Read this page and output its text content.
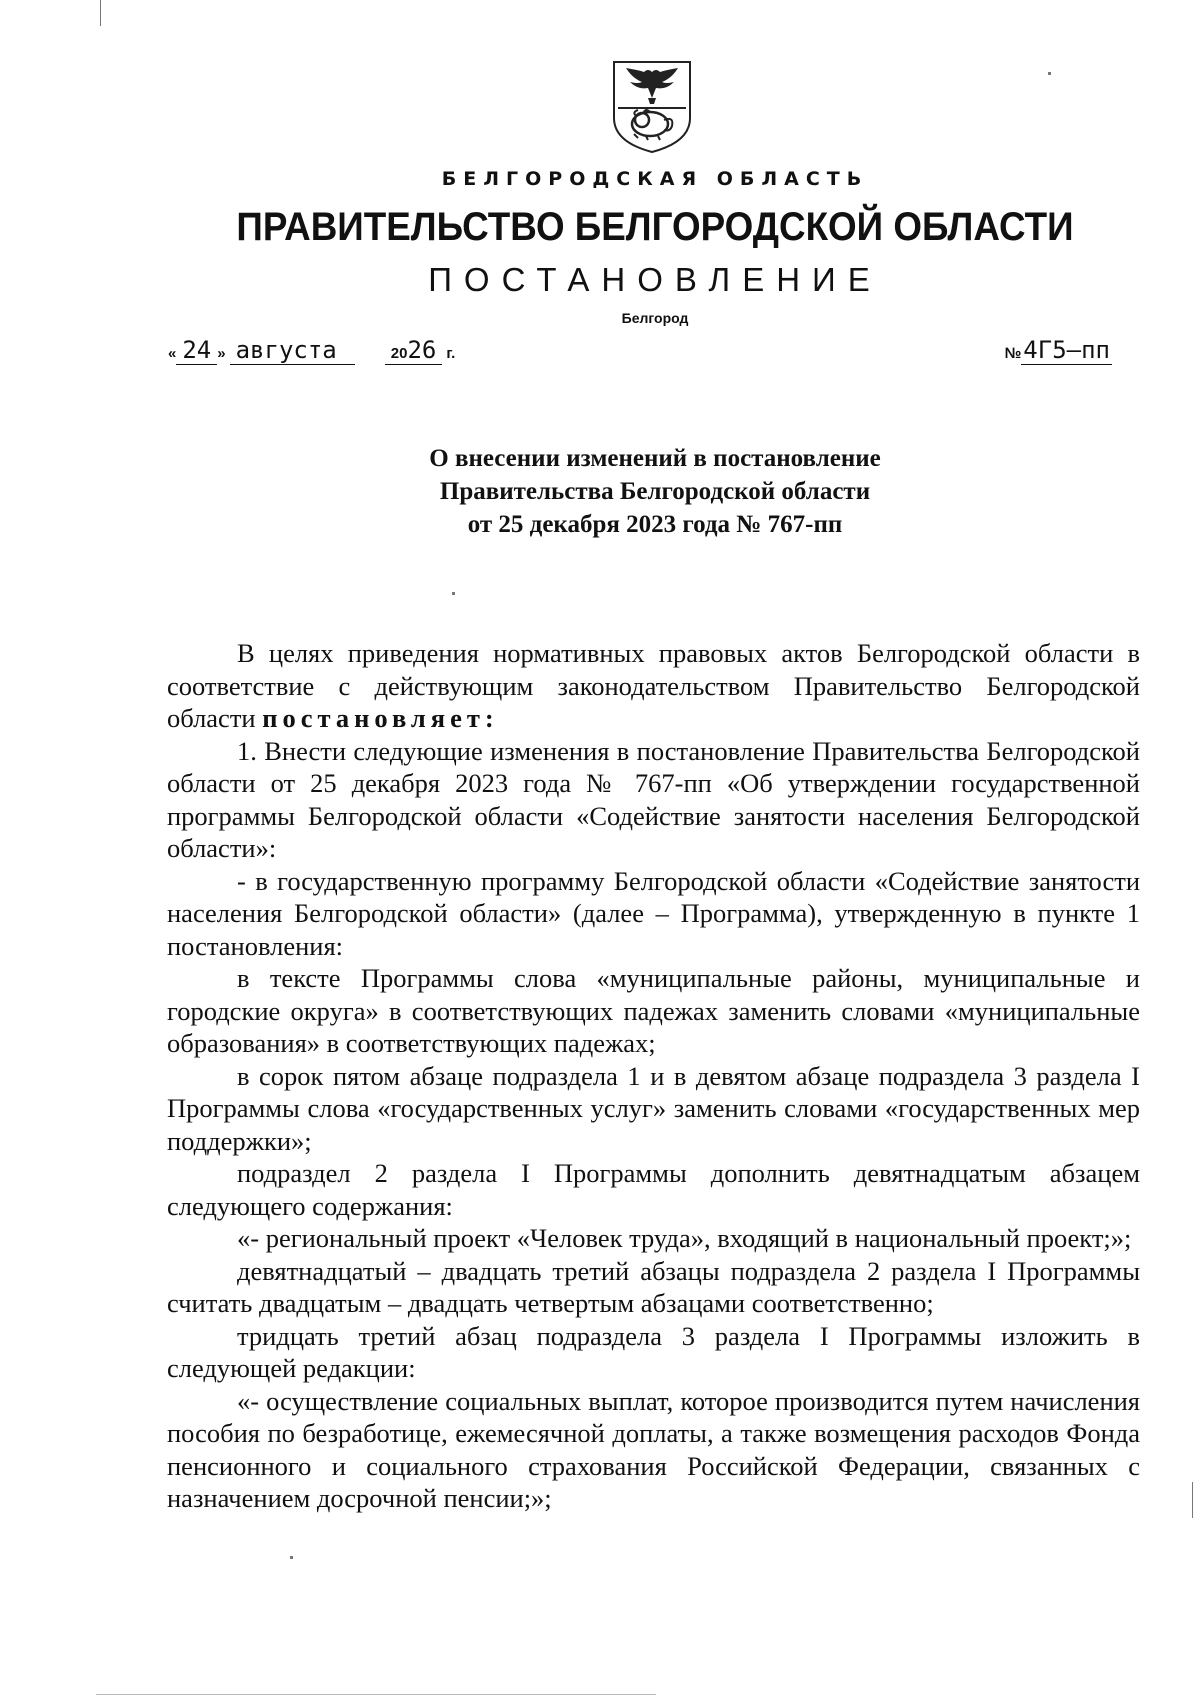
БЕЛГОРОДСКАЯ ОБЛАСТЬ
ПРАВИТЕЛЬСТВО БЕЛГОРОДСКОЙ ОБЛАСТИ
ПОСТАНОВЛЕНИЕ
Белгород
« 24 » августа	2026 г.	№4Г5–пп
О внесении изменений в постановление
Правительства Белгородской области
от 25 декабря 2023 года № 767-пп

В целях приведения нормативных правовых актов Белгородской области в соответствие с действующим законодательством Правительство Белгородской области постановляет:

1. Внести следующие изменения в постановление Правительства Белгородской области от 25 декабря 2023 года № 767-пп «Об утверждении государственной программы Белгородской области «Содействие занятости населения Белгородской области»:

- в государственную программу Белгородской области «Содействие занятости населения Белгородской области» (далее – Программа), утвержденную в пункте 1 постановления:

в тексте Программы слова «муниципальные районы, муниципальные и городские округа» в соответствующих падежах заменить словами «муниципальные образования» в соответствующих падежах;

в сорок пятом абзаце подраздела 1 и в девятом абзаце подраздела 3 раздела I Программы слова «государственных услуг» заменить словами «государственных мер поддержки»;

подраздел 2 раздела I Программы дополнить девятнадцатым абзацем следующего содержания:

«- региональный проект «Человек труда», входящий в национальный проект;»;

девятнадцатый – двадцать третий абзацы подраздела 2 раздела I Программы считать двадцатым – двадцать четвертым абзацами соответственно;

тридцать третий абзац подраздела 3 раздела I Программы изложить в следующей редакции:

«- осуществление социальных выплат, которое производится путем начисления пособия по безработице, ежемесячной доплаты, а также возмещения расходов Фонда пенсионного и социального страхования Российской Федерации, связанных с назначением досрочной пенсии;»;
